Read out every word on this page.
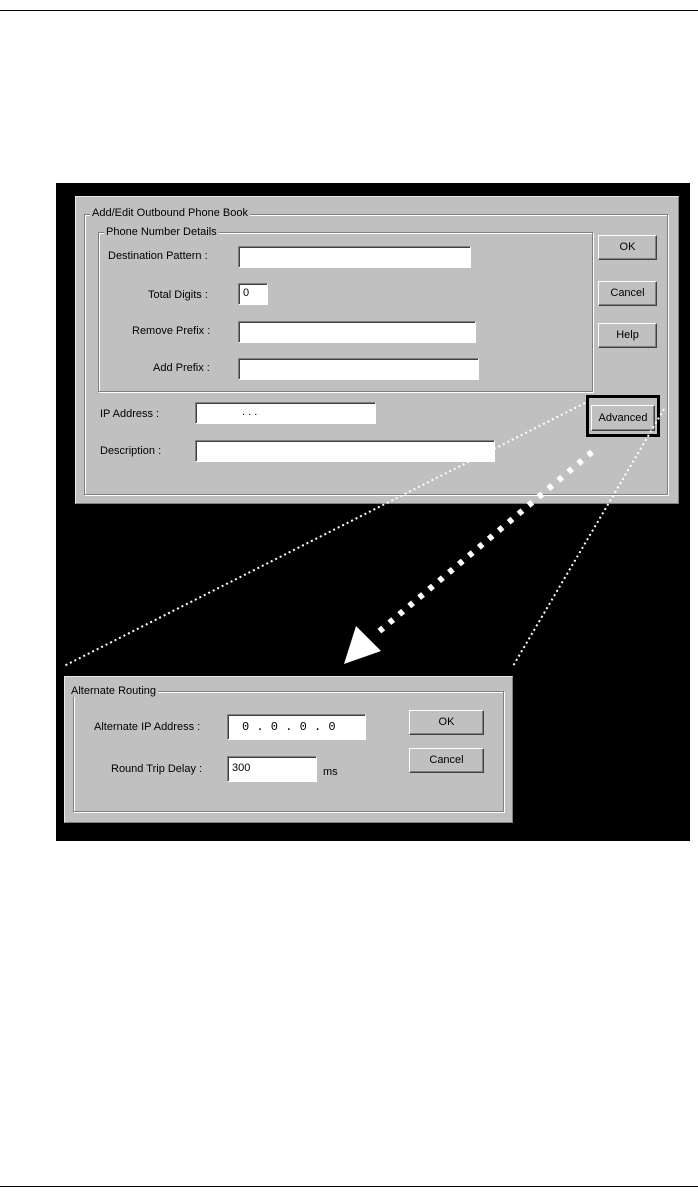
Add/Edit Outbound Phone Book
Phone Number Details
Destination Pattern :
Total Digits :	0
Remove Prefix :
Add Prefix :
IP Address :	. . .
Description :
OK
Cancel
Help
Advanced
Alternate Routing
Alternate IP Address :	0 . 0 . 0 . 0
Round Trip Delay :	300	ms
OK
Cancel
